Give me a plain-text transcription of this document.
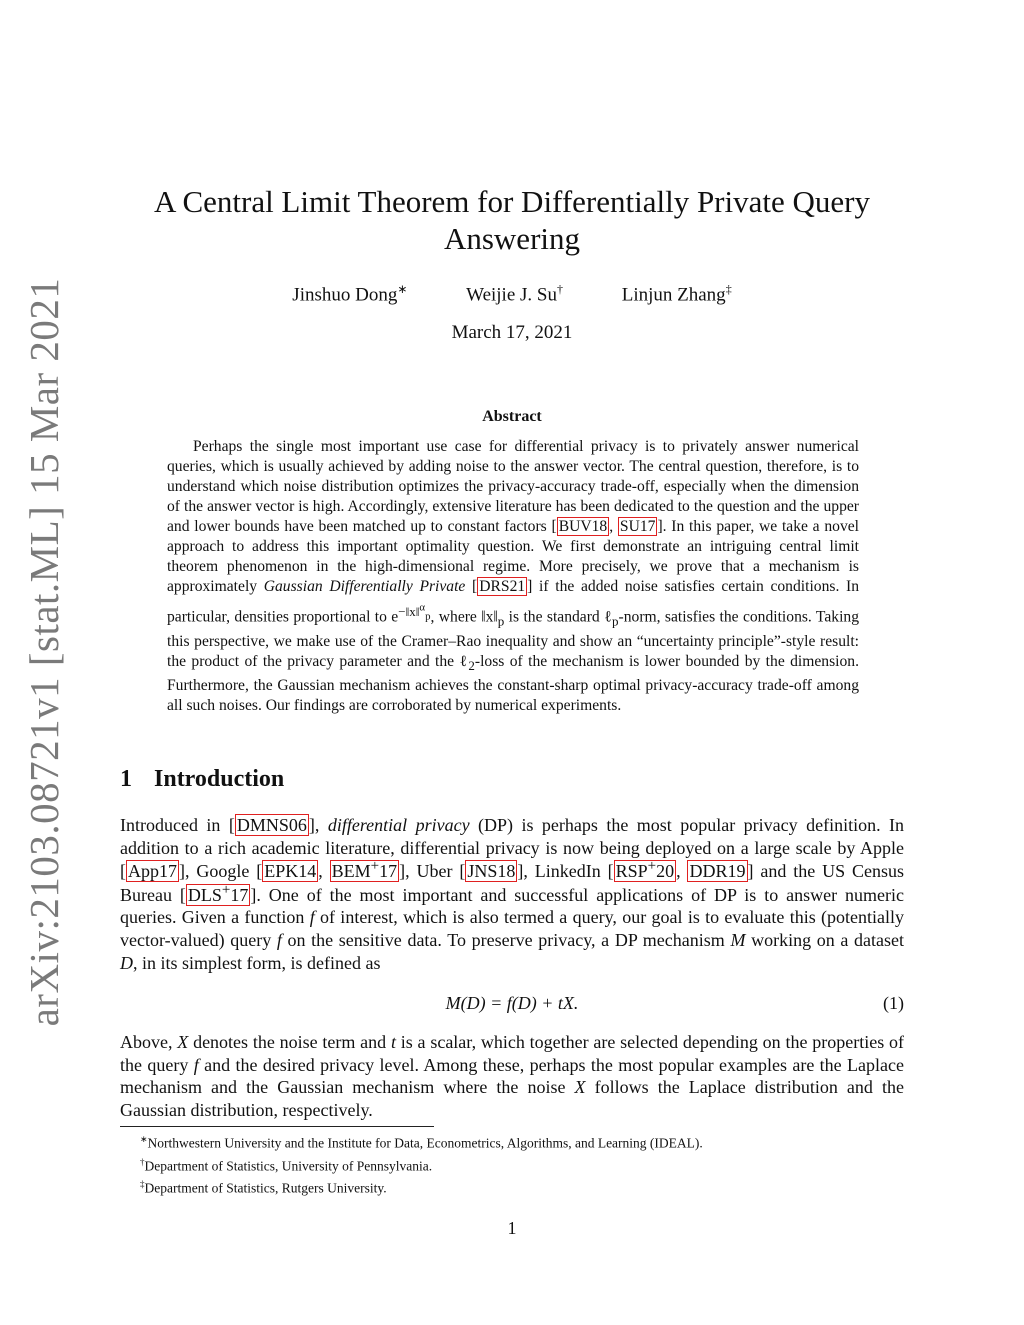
arXiv:2103.08721v1 [stat.ML] 15 Mar 2021
A Central Limit Theorem for Differentially Private Query Answering
Jinshuo Dong∗	Weijie J. Su†	Linjun Zhang‡
March 17, 2021
Abstract

Perhaps the single most important use case for differential privacy is to privately answer numerical queries, which is usually achieved by adding noise to the answer vector. The central question, therefore, is to understand which noise distribution optimizes the privacy-accuracy trade-off, especially when the dimension of the answer vector is high. Accordingly, extensive literature has been dedicated to the question and the upper and lower bounds have been matched up to constant factors [ BUV18 , SU17 ]. In this paper, we take a novel approach to address this important optimality question. We first demonstrate an intriguing central limit theorem phenomenon in the high-dimensional regime. More precisely, we prove that a mechanism is approximately Gaussian Differentially Private [ DRS21 ] if the added noise satisfies certain conditions. In particular, densities proportional to $e^{-‖x‖^\alpha_p}$, where $‖x‖_p$ is the standard ℓ$_p$-norm, satisfies the conditions. Taking this perspective, we make use of the Cramer–Rao inequality and show an “uncertainty principle”-style result: the product of the privacy parameter and the ℓ$_2$-loss of the mechanism is lower bounded by the dimension. Furthermore, the Gaussian mechanism achieves the constant-sharp optimal privacy-accuracy trade-off among all such noises. Our findings are corroborated by numerical experiments.

1 Introduction

Introduced in [ DMNS06 ], differential privacy (DP) is perhaps the most popular privacy definition. In addition to a rich academic literature, differential privacy is now being deployed on a large scale by Apple [ App17 ], Google [ EPK14 , BEM+17 ], Uber [ JNS18 ], LinkedIn [ RSP+20 , DDR19 ] and the US Census Bureau [ DLS+17 ]. One of the most important and successful applications of DP is to answer numeric queries. Given a function f of interest, which is also termed a query, our goal is to evaluate this (potentially vector-valued) query f on the sensitive data. To preserve privacy, a DP mechanism M working on a dataset D, in its simplest form, is defined as

M(D) = f(D) + tX.	(1)

Above, X denotes the noise term and t is a scalar, which together are selected depending on the properties of the query f and the desired privacy level. Among these, perhaps the most popular examples are the Laplace mechanism and the Gaussian mechanism where the noise X follows the Laplace distribution and the Gaussian distribution, respectively.

∗Northwestern University and the Institute for Data, Econometrics, Algorithms, and Learning (IDEAL).
†Department of Statistics, University of Pennsylvania.
‡Department of Statistics, Rutgers University.
1
